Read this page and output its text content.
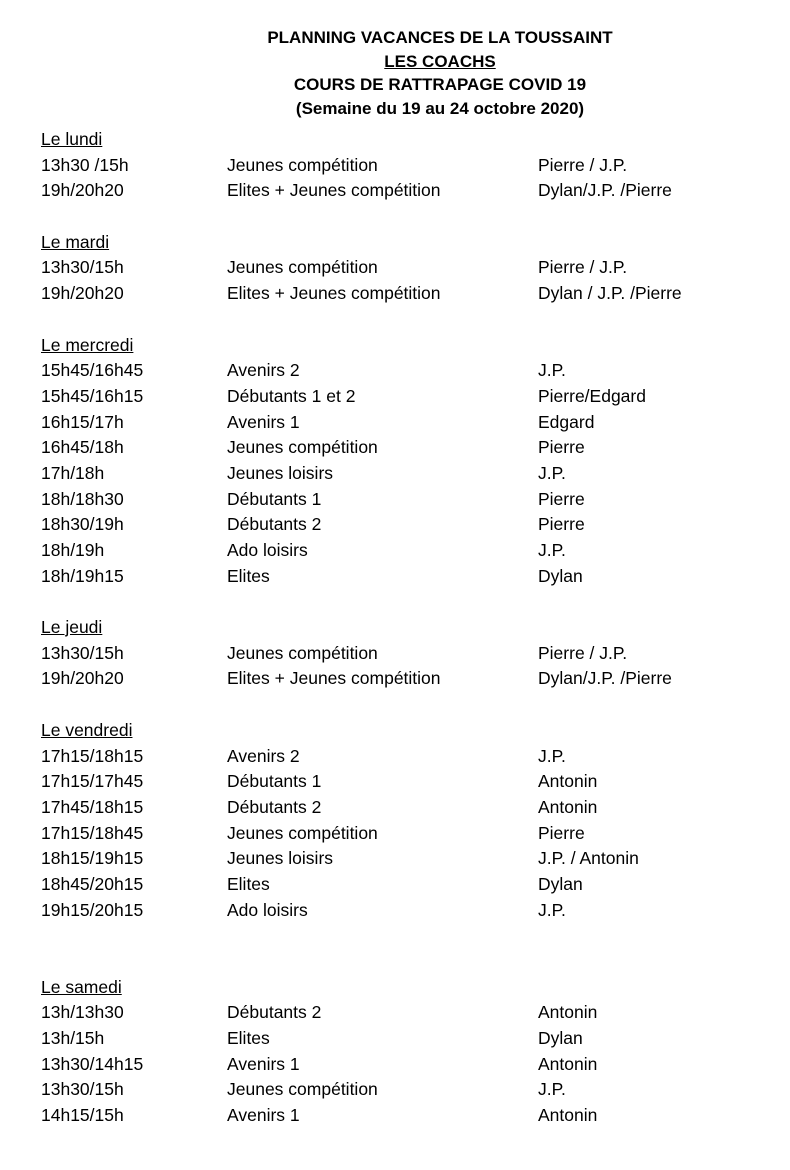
PLANNING VACANCES DE LA TOUSSAINT
LES COACHS
COURS DE RATTRAPAGE COVID 19
(Semaine du 19 au 24 octobre 2020)
Le lundi
13h30 /15h	Jeunes compétition	Pierre / J.P.
19h/20h20	Elites + Jeunes compétition	Dylan/J.P. /Pierre
Le mardi
13h30/15h	Jeunes compétition	Pierre / J.P.
19h/20h20	Elites + Jeunes compétition	Dylan / J.P. /Pierre
Le mercredi
15h45/16h45	Avenirs 2	J.P.
15h45/16h15	Débutants 1 et 2	Pierre/Edgard
16h15/17h	Avenirs 1	Edgard
16h45/18h	Jeunes compétition	Pierre
17h/18h	Jeunes loisirs	J.P.
18h/18h30	Débutants 1	Pierre
18h30/19h	Débutants 2	Pierre
18h/19h	Ado loisirs	J.P.
18h/19h15	Elites	Dylan
Le jeudi
13h30/15h	Jeunes compétition	Pierre / J.P.
19h/20h20	Elites + Jeunes compétition	Dylan/J.P. /Pierre
Le vendredi
17h15/18h15	Avenirs 2	J.P.
17h15/17h45	Débutants 1	Antonin
17h45/18h15	Débutants 2	Antonin
17h15/18h45	Jeunes compétition	Pierre
18h15/19h15	Jeunes loisirs	J.P. / Antonin
18h45/20h15	Elites	Dylan
19h15/20h15	Ado loisirs	J.P.
Le samedi
13h/13h30	Débutants 2	Antonin
13h/15h	Elites	Dylan
13h30/14h15	Avenirs 1	Antonin
13h30/15h	Jeunes compétition	J.P.
14h15/15h	Avenirs 1	Antonin
